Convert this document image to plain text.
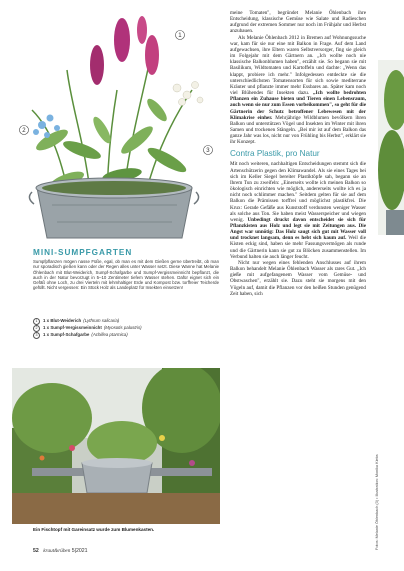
1
2
3
MINI-SUMPFGARTEN
Sumpfpflanzen mögen nasse Füße, egal, ob man es mit dem Gießen gerne übertreibt, ob man nur sporadisch gießen kann oder der Regen alles unter Wasser setzt. Diese Wanne hat Melanie Öhlenbach mit Blut-Weiderich, Sumpf-Schafgarbe und Sumpf-Vergissmeinnicht bepflanzt, die auch in der Natur bevorzugt in 5–10 Zentimeter tiefem Wasser stehen. Dafür eignet sich ein Gefäß ohne Loch, zu drei Vierteln mit lehmhaltiger Erde und Kompost bzw. torffreier Teicherde gefüllt. Nicht vergessen: Ein Stück Holz als Landeplatz für Insekten einsetzen!
1	1 x Blut-Weiderich (Lythrum salicaria)
2	1 x Sumpf-Vergissmeinnicht (Myosotis palustris)
3	1 x Sumpf-Schafgarbe (Achillea ptarmica)
Ein Fischtopf mit Gareinsatz wurde zum Blumenkasten.
52 kraut&rüben 5|2021

meine Tomaten", begründet Melanie Öhlenbach ihre Entscheidung, klassische Gemüse wie Salate und Radieschen aufgrund der extremen Sommer nur noch im Frühjahr und Herbst anzubauen.

Als Melanie Öhlenbach 2012 in Bremen auf Wohnungssuche war, kam für sie nur eine mit Balkon in Frage. Auf dem Land aufgewachsen, ihre Eltern waren Selbstversorger, fing sie gleich im Folgejahr mit dem Gärtnern an. „Ich wollte noch nie klassische Balkonblumen haben", erzählt sie. So begann sie mit Basilikum, Wildtomaten und Kartoffeln und dachte: „Wenn das klappt, probiere ich mehr." Infolgedessen entdeckte sie die unterschiedlichsten Tomatensorten für sich sowie mediterrane Kräuter und pflanzte immer mehr Essbares an. Später kam noch viel Blühendes für Insekten dazu. „Ich wollte bedrohten Pflanzen ein Zuhause bieten und Tieren einen Lebensraum, auch wenn sie nur zum Essen vorbeikommen", so geht für die Gärtnerin der Schutz betroffener Lebewesen mit der Klimakrise einher. Mehrjährige Wildblumen bevölkern ihren Balkon und unterstützen Vögel und Insekten im Winter mit ihren Samen und trockenen Stängeln. „Bei mir ist auf dem Balkon das ganze Jahr was los, nicht nur von Frühling bis Herbst", erklärt sie ihr Konzept.

Contra Plastik, pro Natur

Mit noch weiteren, nachhaltigen Entscheidungen stemmt sich die Artenschützerin gegen den Klimawandel. Als sie eines Tages bei sich im Keller Siegel bereiter Plastiktöpfe sah, begann sie an Ihrem Tun zu zweifeln: „Einerseits wollte ich meinen Balkon so ökologisch einrichten wie möglich, andererseits wollte ich es ja nicht noch schlimmer machen." Seitdem gelten für sie auf dem Balkon die Prämissen torffrei und möglichst plastikfrei. Die Krux: Gerade Gefäße aus Kunststoff verdunsten weniger Wasser als solche aus Ton. Sie haben meist Wasserspeicher und wiegen wenig. Unbedingt druckt davon entscheidet sie sich für Pflanzkisten aus Holz und legt sie mit Zeitungen aus. Die Angst war unnötig: Das Holz saugt sich gut mit Wasser voll und trocknet langsam, denn es hebt sich kaum auf. Weil die Kisten eckig sind, haben sie mehr Fassungsvermögen als runde und die Gärtnerin kann sie gut zu Blöcken zusammenstellen. Im Verbund halten sie auch länger feucht.

Nicht nur wegen eines fehlenden Anschlusses auf ihrem Balkon behandelt Melanie Öhlenbach Wasser als rares Gut. „Ich gieße mit aufgefangenem Wasser vom Gemüse- und Obstwaschen", erzählt sie. Dazu steht sie morgens mit den Vögeln auf, damit die Pflanzen vor den heißen Stunden genügend Zeit haben, sich

Fotos: Melanie Öhlenbach (3) • Illustration: Monika Kiebs
